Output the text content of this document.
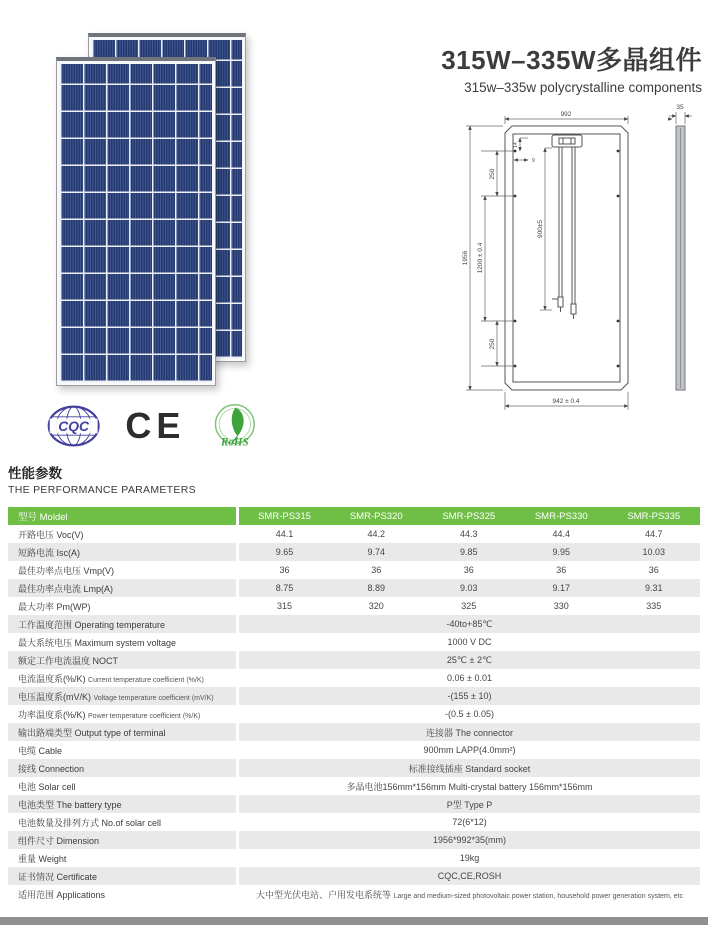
315W–335W多晶组件
315w–335w polycrystalline components
992
35
1956 1200 ± 0.4
250
250
14
9
900±5
942 ± 0.4
CQC CE	RoHS
性能参数
THE PERFORMANCE PARAMETERS
型号 Moldel	SMR-PS315	SMR-PS320	SMR-PS325	SMR-PS330	SMR-PS335
开路电压 Voc(V)	44.1	44.2	44.3	44.4	44.7
短路电流 Isc(A)	9.65	9.74	9.85	9.95	10.03
最佳功率点电压 Vmp(V)	36	36	36	36	36
最佳功率点电流 Lmp(A)	8.75	8.89	9.03	9.17	9.31
最大功率 Pm(WP)	315	320	325	330	335
工作温度范围 Operating temperature	-40to+85℃				
最大系统电压 Maximum system voltage	1000 V DC				
额定工作电流温度 NOCT	25℃ ± 2℃				
电流温度系(%/K) Current temperature coefficient (%/K)	0.06 ± 0.01				
电压温度系(mV/K) Voltage temperature coefficient (mV/K)	-(155 ± 10)				
功率温度系(%/K) Power temperature coefficient (%/K)	-(0.5 ± 0.05)				
输出路端类型 Output type of terminal	连接器 The connector				
电缆 Cable	900mm LAPP(4.0mm²)				
接线 Connection	标准接线插座 Standard socket				
电池 Solar cell	多晶电池156mm*156mm Multi-crystal battery 156mm*156mm				
电池类型 The battery type	P型 Type P				
电池数量及排列方式 No.of solar cell	72(6*12)				
组件尺寸 Dimension	1956*992*35(mm)				
重量 Weight	19kg				
证书情况 Certificate	CQC,CE,ROSH				
适用范围 Applications	大中型光伏电站、户用发电系统等 Large and medium-sized photovoltaic power station, household power generation system, etc				
